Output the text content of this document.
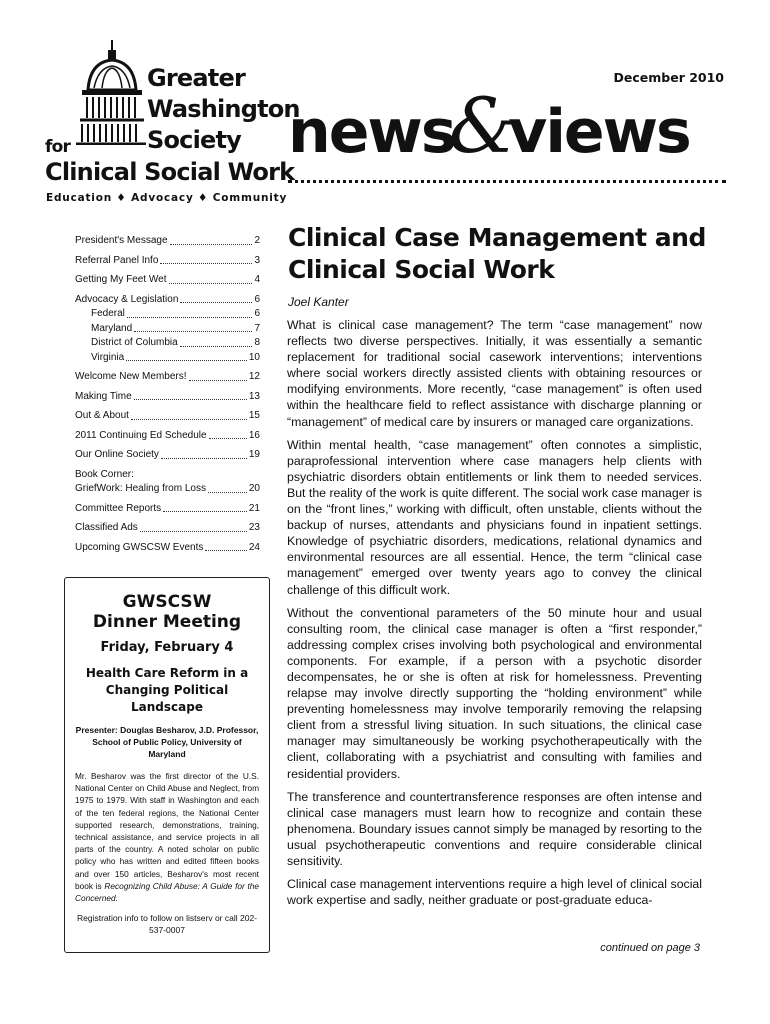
Greater
Washington
Society
for
Clinical Social Work
Education ♦ Advocacy ♦ Community
December 2010
news&views
President's Message	2
Referral Panel Info	3
Getting My Feet Wet	4
Advocacy & Legislation	6
Federal	6
Maryland	7
District of Columbia	8
Virginia	10
Welcome New Members!	12
Making Time	13
Out & About	15
2011 Continuing Ed Schedule	16
Our Online Society	19
Book Corner:
GriefWork: Healing from Loss	20
Committee Reports	21
Classified Ads	23
Upcoming GWSCSW Events	24
GWSCSW
Dinner Meeting
Friday, February 4
Health Care Reform in a Changing Political Landscape
Presenter: Douglas Besharov, J.D. Professor, School of Public Policy, University of Maryland
Mr. Besharov was the first director of the U.S. National Center on Child Abuse and Neglect, from 1975 to 1979. With staff in Washington and each of the ten federal regions, the National Center supported research, demonstrations, training, technical assistance, and service projects in all parts of the country. A noted scholar on public policy who has written and edited fifteen books and over 150 articles, Besharov's most recent book is Recognizing Child Abuse: A Guide for the Concerned.
Registration info to follow on listserv or call 202-537-0007
Clinical Case Management and Clinical Social Work
Joel Kanter

What is clinical case management? The term “case management” now reflects two diverse perspectives. Initially, it was essentially a semantic replacement for traditional social casework interventions; interventions where social workers directly assisted clients with obtaining resources or modifying environments. More recently, “case management” is often used within the healthcare field to reflect assistance with discharge planning or “management” of medical care by insurers or managed care organizations.

Within mental health, “case management” often connotes a simplistic, paraprofessional intervention where case managers help clients with psychiatric disorders obtain entitlements or link them to needed services. But the reality of the work is quite different. The social work case manager is on the “front lines,” working with difficult, often unstable, clients without the backup of nurses, attendants and physicians found in inpatient settings. Knowledge of psychiatric disorders, medications, relational dynamics and environmental resources are all essential. Hence, the term “clinical case management” emerged over twenty years ago to convey the clinical challenge of this difficult work.

Without the conventional parameters of the 50 minute hour and usual consulting room, the clinical case manager is often a “first responder,” addressing complex crises involving both psychological and environmental components. For example, if a person with a psychotic disorder decompensates, he or she is often at risk for homelessness. Preventing relapse may involve directly supporting the “holding environment” while preventing homelessness may involve temporarily removing the relapsing client from a stressful living situation. In such situations, the clinical case manager may simultaneously be working psychotherapeutically with the client, collaborating with a psychiatrist and consulting with families and residential providers.

The transference and countertransference responses are often intense and clinical case managers must learn how to recognize and contain these phenomena. Boundary issues cannot simply be managed by resorting to the usual psychotherapeutic conventions and require considerable clinical sensitivity.

Clinical case management interventions require a high level of clinical social work expertise and sadly, neither graduate or post-graduate educa-

continued on page 3
